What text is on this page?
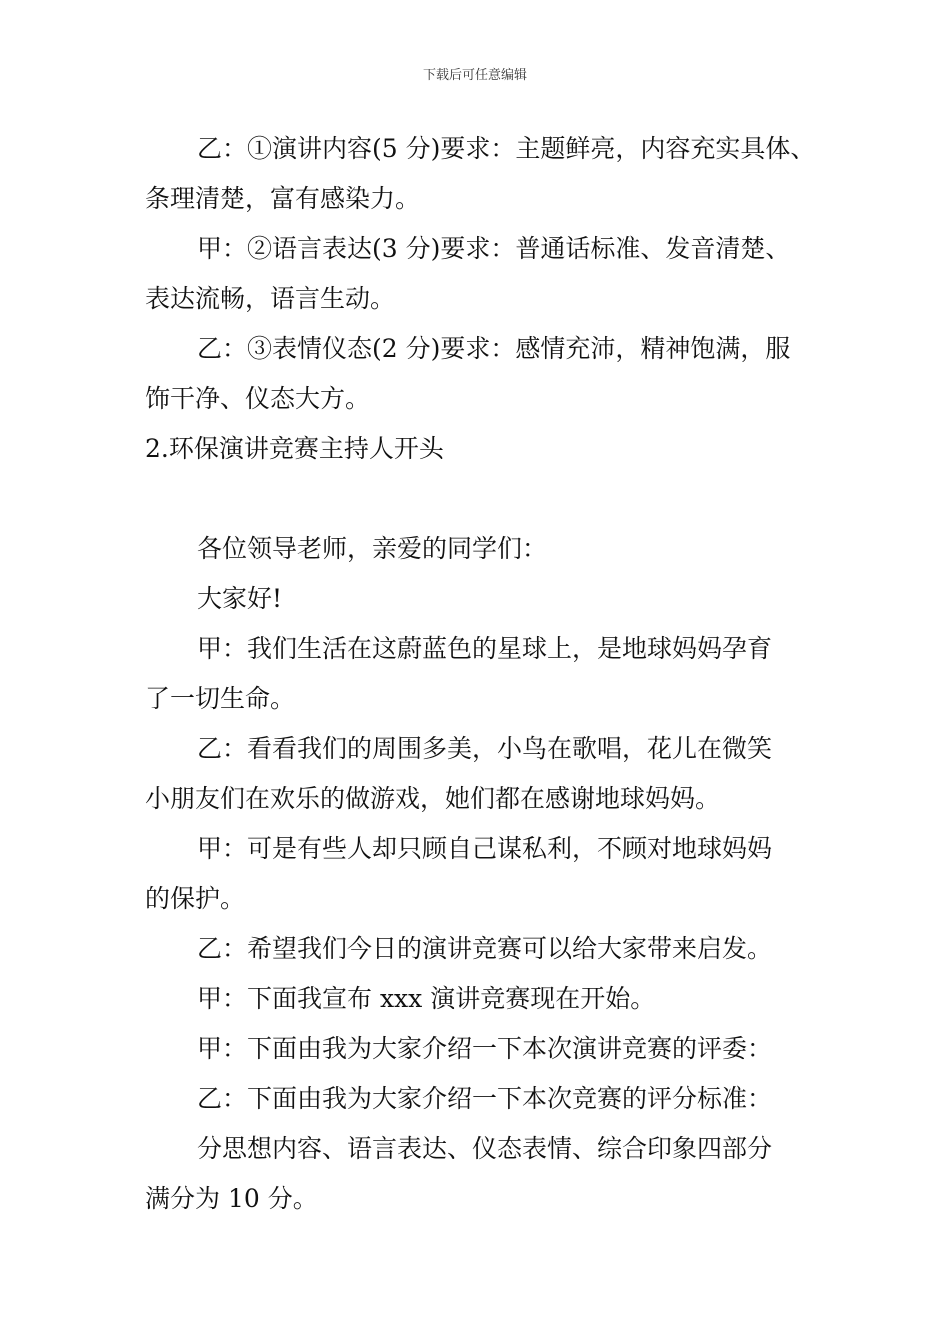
下载后可任意编辑

乙：①演讲内容(5 分)要求：主题鲜亮，内容充实具体、

条理清楚，富有感染力。

甲：②语言表达(3 分)要求：普通话标准、发音清楚、

表达流畅，语言生动。

乙：③表情仪态(2 分)要求：感情充沛，精神饱满，服

饰干净、仪态大方。

2.环保演讲竞赛主持人开头

各位领导老师，亲爱的同学们：

大家好!

甲：我们生活在这蔚蓝色的星球上，是地球妈妈孕育

了一切生命。

乙：看看我们的周围多美，小鸟在歌唱，花儿在微笑

小朋友们在欢乐的做游戏，她们都在感谢地球妈妈。

甲：可是有些人却只顾自己谋私利，不顾对地球妈妈

的保护。

乙：希望我们今日的演讲竞赛可以给大家带来启发。

甲：下面我宣布 xxx 演讲竞赛现在开始。

甲：下面由我为大家介绍一下本次演讲竞赛的评委：

乙：下面由我为大家介绍一下本次竞赛的评分标准：

分思想内容、语言表达、仪态表情、综合印象四部分

满分为 10 分。
